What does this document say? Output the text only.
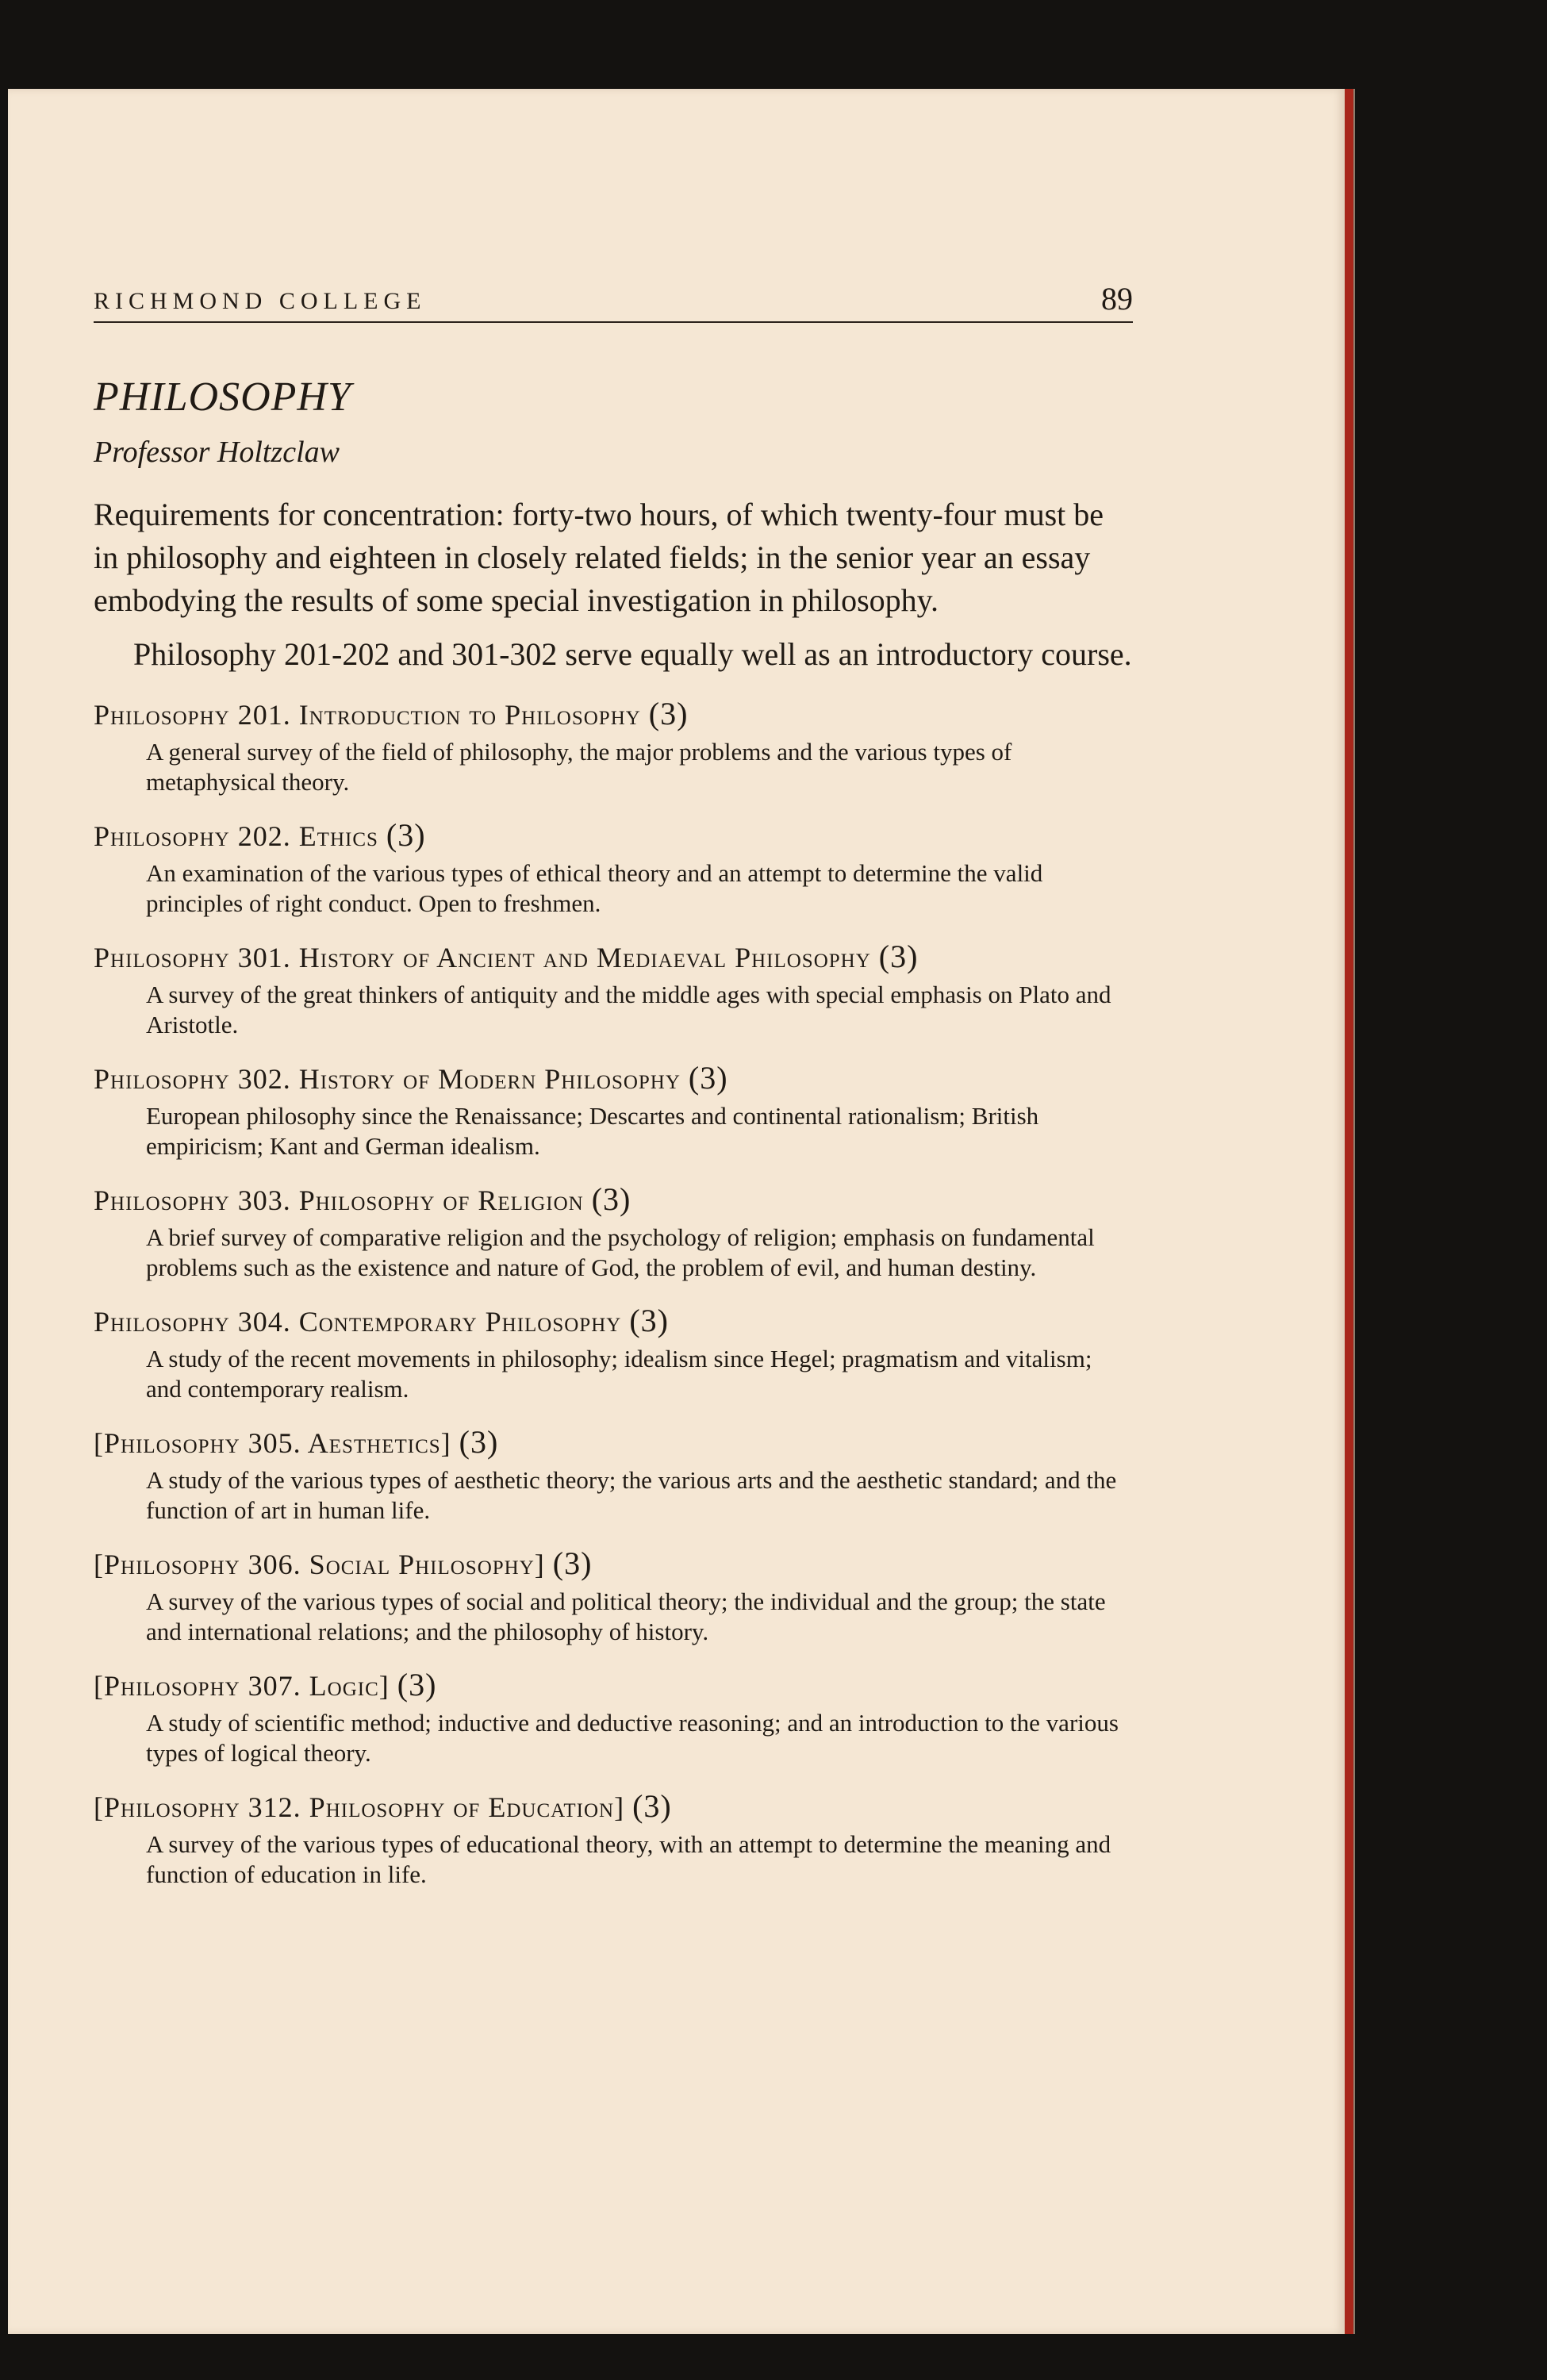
RICHMOND COLLEGE	89
PHILOSOPHY
Professor Holtzclaw

Requirements for concentration: forty-two hours, of which twenty-four must be in philosophy and eighteen in closely related fields; in the senior year an essay embodying the results of some special investigation in philosophy.

Philosophy 201-202 and 301-302 serve equally well as an introductory course.

Philosophy 201. Introduction to Philosophy (3)
A general survey of the field of philosophy, the major problems and the various types of metaphysical theory.
Philosophy 202. Ethics (3)
An examination of the various types of ethical theory and an attempt to determine the valid principles of right conduct. Open to freshmen.
Philosophy 301. History of Ancient and Mediaeval Philosophy (3)
A survey of the great thinkers of antiquity and the middle ages with special emphasis on Plato and Aristotle.
Philosophy 302. History of Modern Philosophy (3)
European philosophy since the Renaissance; Descartes and continental rationalism; British empiricism; Kant and German idealism.
Philosophy 303. Philosophy of Religion (3)
A brief survey of comparative religion and the psychology of religion; emphasis on fundamental problems such as the existence and nature of God, the problem of evil, and human destiny.
Philosophy 304. Contemporary Philosophy (3)
A study of the recent movements in philosophy; idealism since Hegel; pragmatism and vitalism; and contemporary realism.
[Philosophy 305. Aesthetics] (3)
A study of the various types of aesthetic theory; the various arts and the aesthetic standard; and the function of art in human life.
[Philosophy 306. Social Philosophy] (3)
A survey of the various types of social and political theory; the individual and the group; the state and international relations; and the philosophy of history.
[Philosophy 307. Logic] (3)
A study of scientific method; inductive and deductive reasoning; and an introduction to the various types of logical theory.
[Philosophy 312. Philosophy of Education] (3)
A survey of the various types of educational theory, with an attempt to determine the meaning and function of education in life.
